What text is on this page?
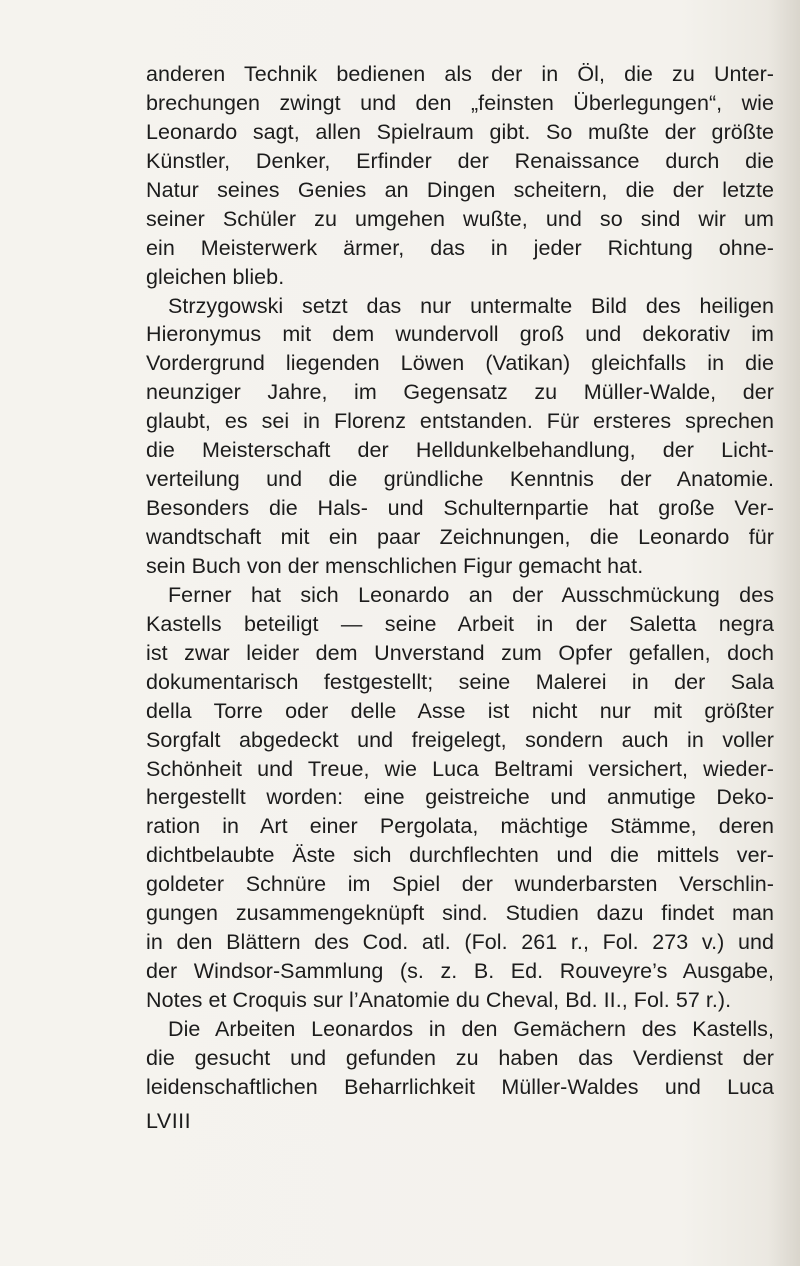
anderen Technik bedienen als der in Öl, die zu Unter-
brechungen zwingt und den „feinsten Überlegungen“, wie
Leonardo sagt, allen Spielraum gibt. So mußte der größte
Künstler, Denker, Erfinder der Renaissance durch die
Natur seines Genies an Dingen scheitern, die der letzte
seiner Schüler zu umgehen wußte, und so sind wir um
ein Meisterwerk ärmer, das in jeder Richtung ohne-
gleichen blieb.
Strzygowski setzt das nur untermalte Bild des heiligen
Hieronymus mit dem wundervoll groß und dekorativ im
Vordergrund liegenden Löwen (Vatikan) gleichfalls in die
neunziger Jahre, im Gegensatz zu Müller-Walde, der
glaubt, es sei in Florenz entstanden. Für ersteres sprechen
die Meisterschaft der Helldunkelbehandlung, der Licht-
verteilung und die gründliche Kenntnis der Anatomie.
Besonders die Hals- und Schulternpartie hat große Ver-
wandtschaft mit ein paar Zeichnungen, die Leonardo für
sein Buch von der menschlichen Figur gemacht hat.
Ferner hat sich Leonardo an der Ausschmückung des
Kastells beteiligt — seine Arbeit in der Saletta negra
ist zwar leider dem Unverstand zum Opfer gefallen, doch
dokumentarisch festgestellt; seine Malerei in der Sala
della Torre oder delle Asse ist nicht nur mit größter
Sorgfalt abgedeckt und freigelegt, sondern auch in voller
Schönheit und Treue, wie Luca Beltrami versichert, wieder-
hergestellt worden: eine geistreiche und anmutige Deko-
ration in Art einer Pergolata, mächtige Stämme, deren
dichtbelaubte Äste sich durchflechten und die mittels ver-
goldeter Schnüre im Spiel der wunderbarsten Verschlin-
gungen zusammengeknüpft sind. Studien dazu findet man
in den Blättern des Cod. atl. (Fol. 261 r., Fol. 273 v.) und
der Windsor-Sammlung (s. z. B. Ed. Rouveyre’s Ausgabe,
Notes et Croquis sur l’Anatomie du Cheval, Bd. II., Fol. 57 r.).
Die Arbeiten Leonardos in den Gemächern des Kastells,
die gesucht und gefunden zu haben das Verdienst der
leidenschaftlichen Beharrlichkeit Müller-Waldes und Luca
LVIII
